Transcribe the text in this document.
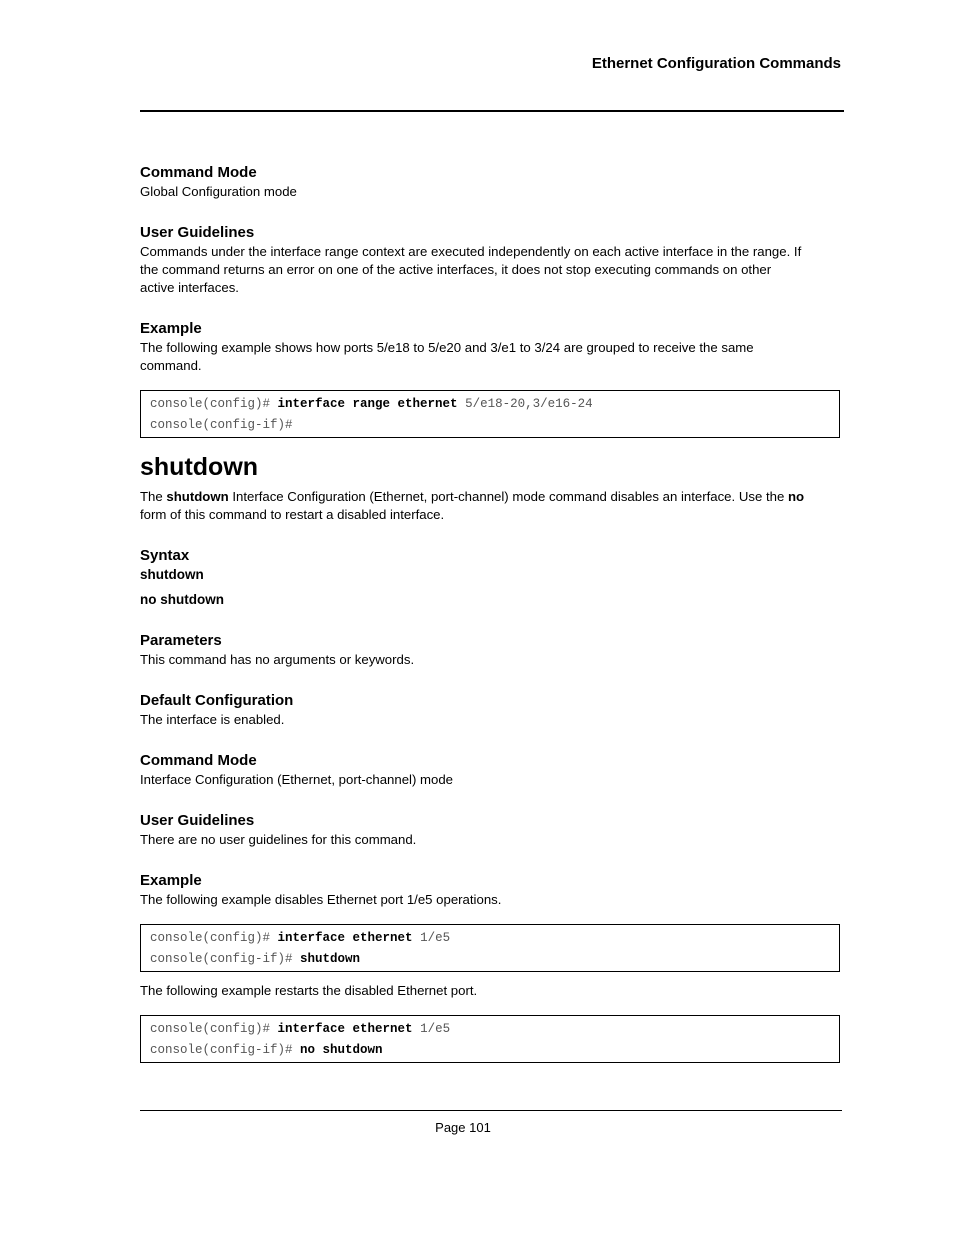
Ethernet Configuration Commands

Command Mode

Global Configuration mode

User Guidelines

Commands under the interface range context are executed independently on each active interface in the range. If

the command returns an error on one of the active interfaces, it does not stop executing commands on other

active interfaces.

Example

The following example shows how ports 5/e18 to 5/e20 and 3/e1 to 3/24 are grouped to receive the same

command.

console(config)# interface range ethernet 5/e18-20,3/e16-24
console(config-if)#
shutdown

The shutdown Interface Configuration (Ethernet, port-channel) mode command disables an interface. Use the no

form of this command to restart a disabled interface.

Syntax

shutdown

no shutdown

Parameters

This command has no arguments or keywords.

Default Configuration

The interface is enabled.

Command Mode

Interface Configuration (Ethernet, port-channel) mode

User Guidelines

There are no user guidelines for this command.

Example

The following example disables Ethernet port 1/e5 operations.

console(config)# interface ethernet 1/e5
console(config-if)# shutdown

The following example restarts the disabled Ethernet port.

console(config)# interface ethernet 1/e5
console(config-if)# no shutdown
Page 101
